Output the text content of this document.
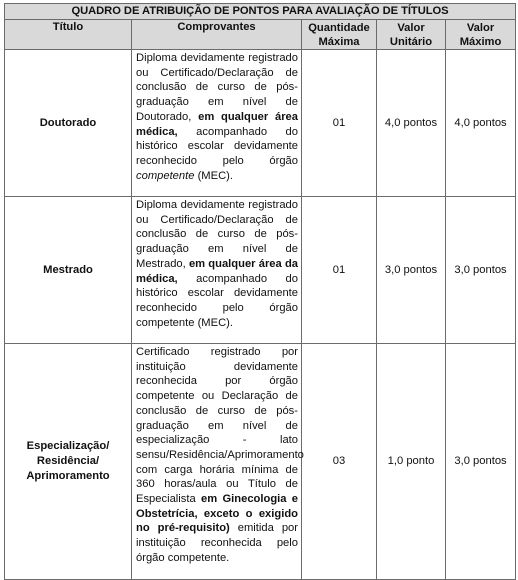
QUADRO DE ATRIBUIÇÃO DE PONTOS PARA AVALIAÇÃO DE TÍTULOS				
Título	Comprovantes	Quantidade Máxima	Valor Unitário	Valor Máximo
Doutorado	Diploma devidamente registrado ou Certificado/Declaração de conclusão de curso de pós-graduação em nível de Doutorado, em qualquer área médica, acompanhado do histórico escolar devidamente reconhecido pelo órgão competente (MEC).	01	4,0 pontos	4,0 pontos
Mestrado	Diploma devidamente registrado ou Certificado/Declaração de conclusão de curso de pós-graduação em nível de Mestrado, em qualquer área da médica, acompanhado do histórico escolar devidamente reconhecido pelo órgão competente (MEC).	01	3,0 pontos	3,0 pontos
Especialização/ Residência/ Aprimoramento	Certificado registrado por instituição devidamente reconhecida por órgão competente ou Declaração de conclusão de curso de pós-graduação em nível de especialização - lato sensu/Residência/Aprimoramento com carga horária mínima de 360 horas/aula ou Título de Especialista em Ginecologia e Obstetrícia, exceto o exigido no pré-requisito) emitida por instituição reconhecida pelo órgão competente.	03	1,0 ponto	3,0 pontos
